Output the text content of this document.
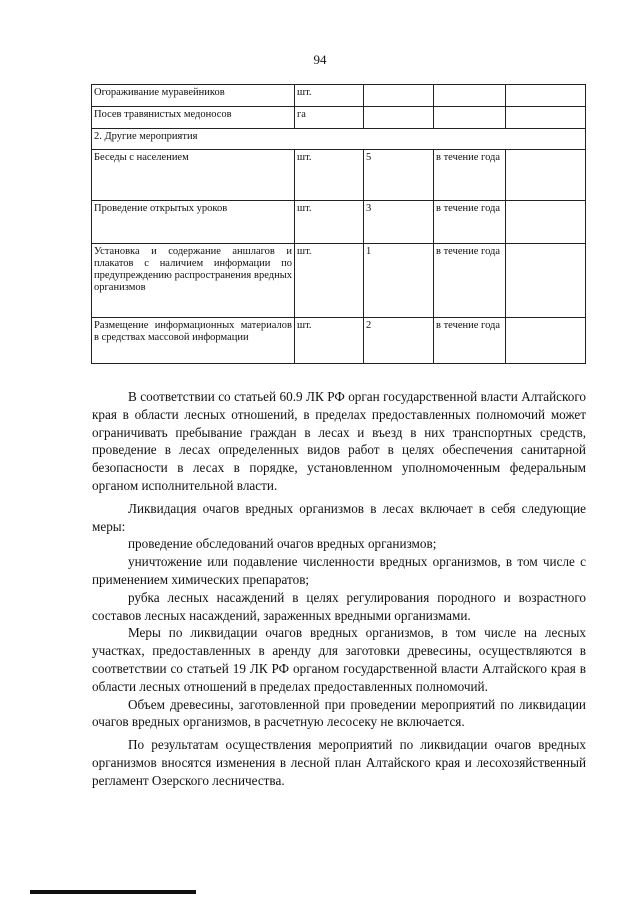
94
Огораживание муравейников	шт.			
Посев травянистых медоносов	га			
2. Другие мероприятия				
Беседы с населением	шт.	5	в течение года	
Проведение открытых уроков	шт.	3	в течение года	
Установка и содержание аншлагов и плакатов с наличием информации по предупреждению распространения вредных организмов	шт.	1	в течение года	
Размещение информационных материалов в средствах массовой информации	шт.	2	в течение года	

В соответствии со статьей 60.9 ЛК РФ орган государственной власти Алтайского края в области лесных отношений, в пределах предоставленных полномочий может ограничивать пребывание граждан в лесах и въезд в них транспортных средств, проведение в лесах определенных видов работ в целях обеспечения санитарной безопасности в лесах в порядке, установленном уполномоченным федеральным органом исполнительной власти.

Ликвидация очагов вредных организмов в лесах включает в себя следующие меры:

проведение обследований очагов вредных организмов;

уничтожение или подавление численности вредных организмов, в том числе с применением химических препаратов;

рубка лесных насаждений в целях регулирования породного и возрастного составов лесных насаждений, зараженных вредными организмами.

Меры по ликвидации очагов вредных организмов, в том числе на лесных участках, предоставленных в аренду для заготовки древесины, осуществляются в соответствии со статьей 19 ЛК РФ органом государственной власти Алтайского края в области лесных отношений в пределах предоставленных полномочий.

Объем древесины, заготовленной при проведении мероприятий по ликвидации очагов вредных организмов, в расчетную лесосеку не включается.

По результатам осуществления мероприятий по ликвидации очагов вредных организмов вносятся изменения в лесной план Алтайского края и лесохозяйственный регламент Озерского лесничества.
